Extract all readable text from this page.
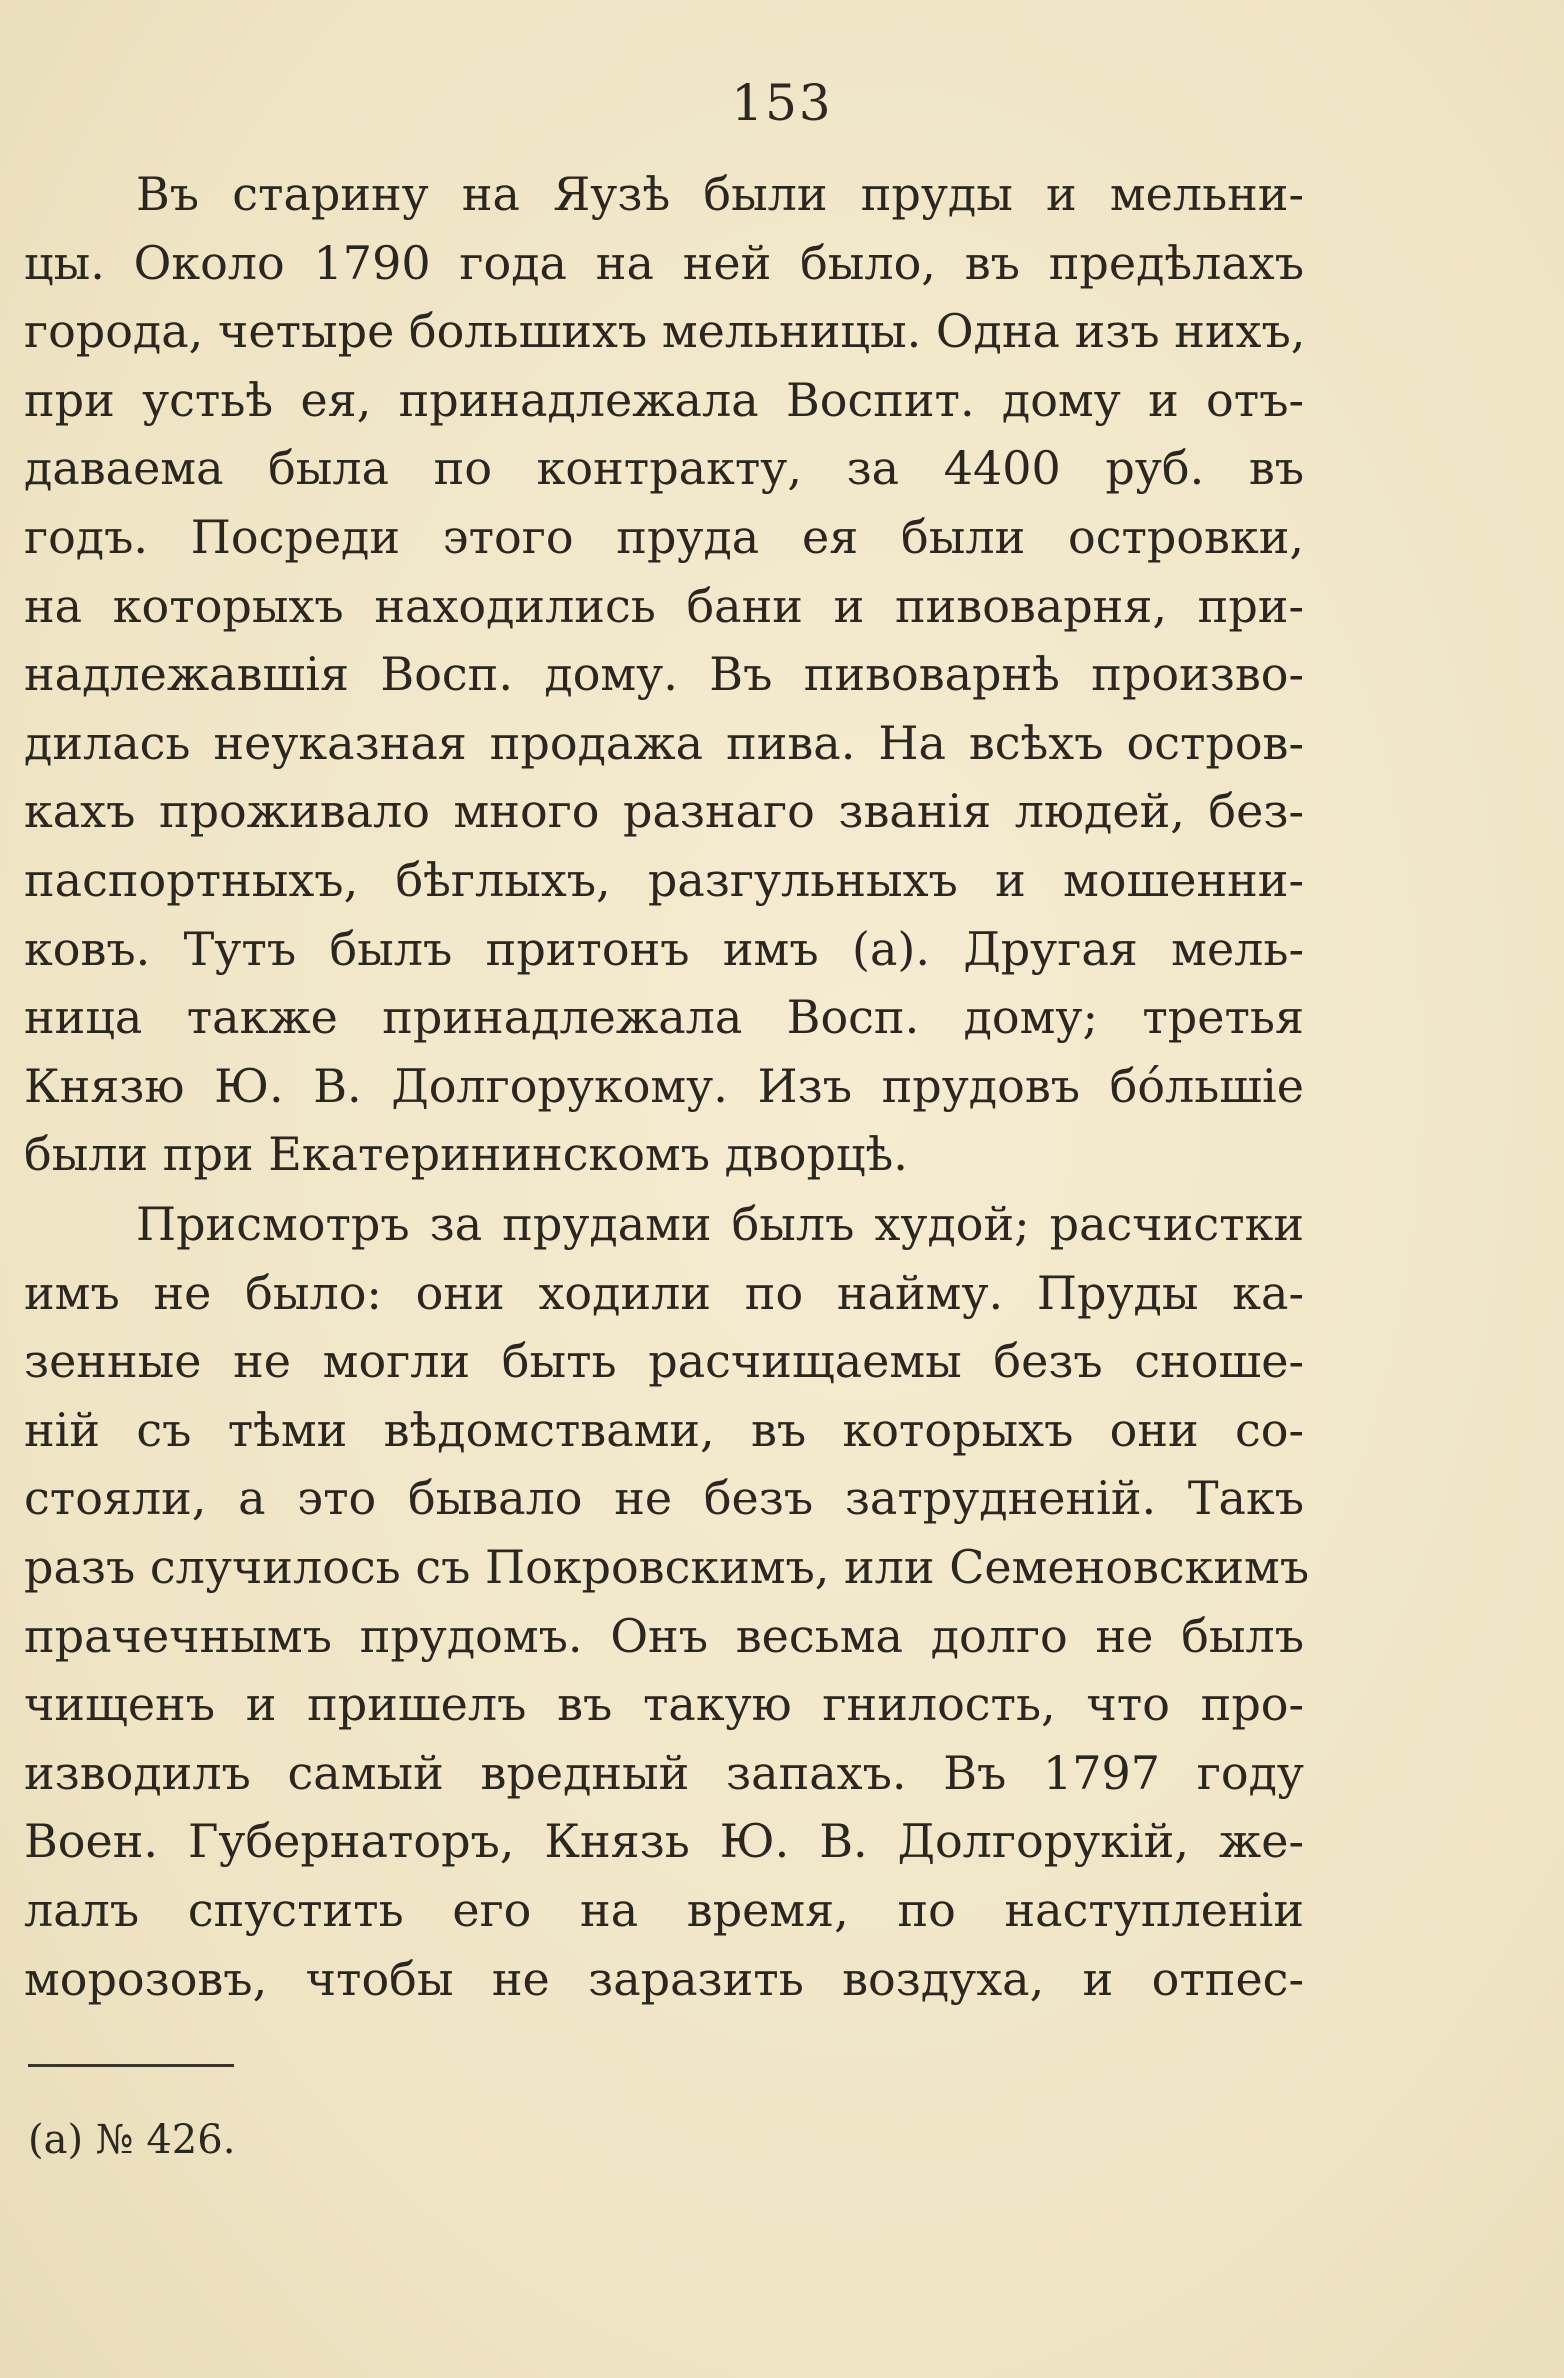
153
Въ старину на Яузѣ были пруды и мельни-
цы. Около 1790 года на ней было, въ предѣлахъ
города, четыре большихъ мельницы. Одна изъ нихъ,
при устьѣ ея, принадлежала Воспит. дому и отъ-
даваема была по контракту, за 4400 руб. въ
годъ. Посреди этого пруда ея были островки,
на которыхъ находились бани и пивоварня, при-
надлежавшія Восп. дому. Въ пивоварнѣ произво-
дилась неуказная продажа пива. На всѣхъ остров-
кахъ проживало много разнаго званія людей, без-
паспортныхъ, бѣглыхъ, разгульныхъ и мошенни-
ковъ. Тутъ былъ притонъ имъ (а). Другая мель-
ница также принадлежала Восп. дому; третья
Князю Ю. В. Долгорукому. Изъ прудовъ бόльшіе
были при Екатерининскомъ дворцѣ.
Присмотръ за прудами былъ худой; расчистки
имъ не было: они ходили по найму. Пруды ка-
зенные не могли быть расчищаемы безъ сноше-
ній съ тѣми вѣдомствами, въ которыхъ они со-
стояли, а это бывало не безъ затрудненій. Такъ
разъ случилось съ Покровскимъ, или Семеновскимъ
прачечнымъ прудомъ. Онъ весьма долго не былъ
чищенъ и пришелъ въ такую гнилость, что про-
изводилъ самый вредный запахъ. Въ 1797 году
Воен. Губернаторъ, Князь Ю. В. Долгорукій, же-
лалъ спустить его на время, по наступленіи
морозовъ, чтобы не заразить воздуха, и отпес-
(а) № 426.
